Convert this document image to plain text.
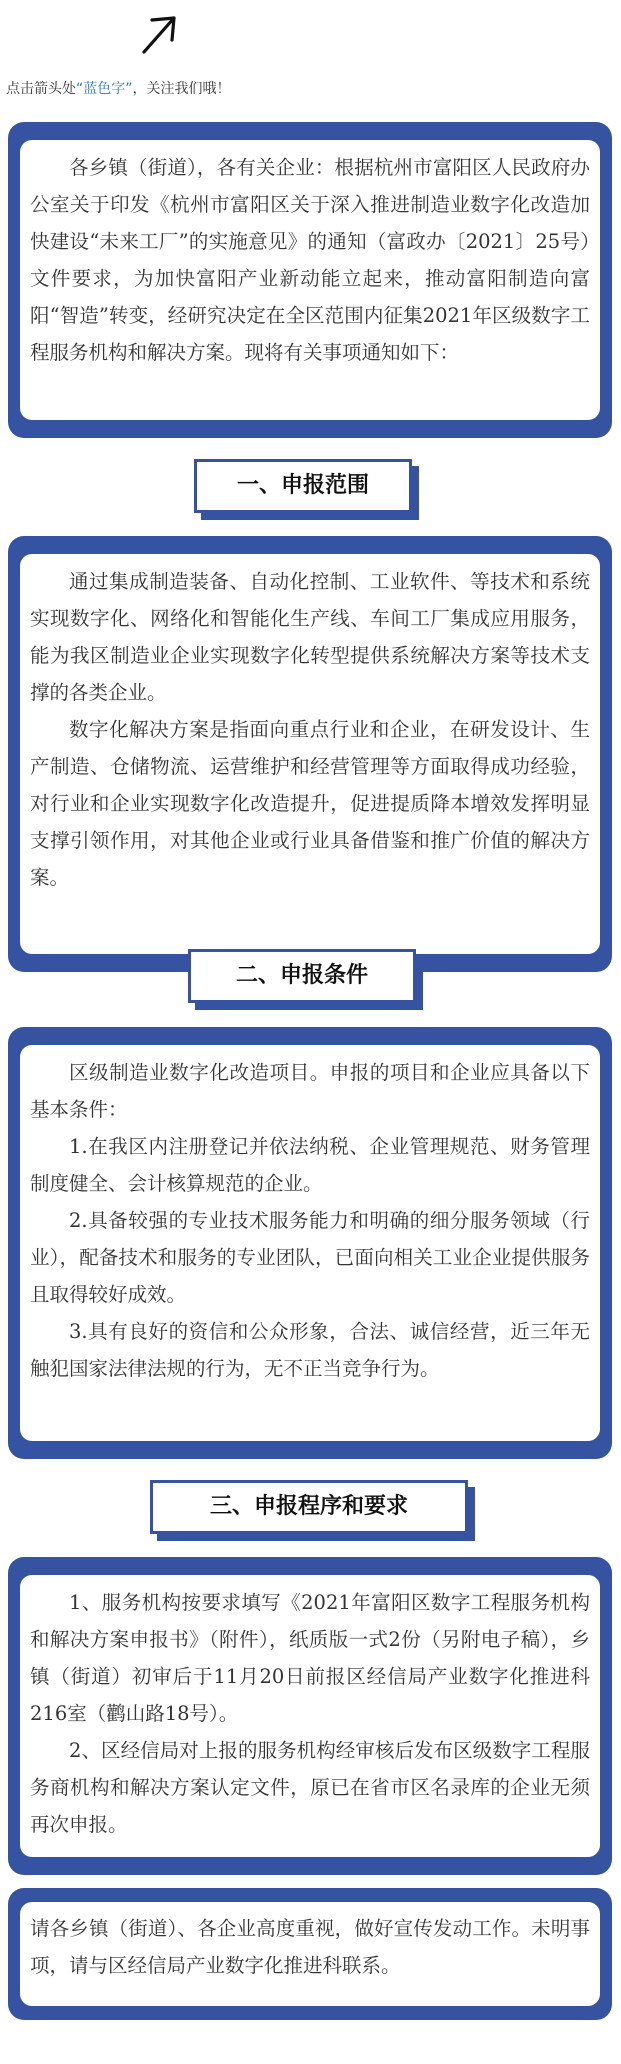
点击箭头处“蓝色字”，关注我们哦！

各乡镇（街道），各有关企业：根据杭州市富阳区人民政府办公室关于印发《杭州市富阳区关于深入推进制造业数字化改造加快建设“未来工厂”的实施意见》的通知（富政办〔2021〕25号）文件要求，为加快富阳产业新动能立起来，推动富阳制造向富阳“智造”转变，经研究决定在全区范围内征集2021年区级数字工程服务机构和解决方案。现将有关事项通知如下：

一、申报范围

通过集成制造装备、自动化控制、工业软件、等技术和系统实现数字化、网络化和智能化生产线、车间工厂集成应用服务，能为我区制造业企业实现数字化转型提供系统解决方案等技术支撑的各类企业。

数字化解决方案是指面向重点行业和企业，在研发设计、生产制造、仓储物流、运营维护和经营管理等方面取得成功经验，对行业和企业实现数字化改造提升，促进提质降本增效发挥明显支撑引领作用，对其他企业或行业具备借鉴和推广价值的解决方案。

二、申报条件

区级制造业数字化改造项目。申报的项目和企业应具备以下基本条件：

1.在我区内注册登记并依法纳税、企业管理规范、财务管理制度健全、会计核算规范的企业。

2.具备较强的专业技术服务能力和明确的细分服务领域（行业），配备技术和服务的专业团队，已面向相关工业企业提供服务且取得较好成效。

3.具有良好的资信和公众形象，合法、诚信经营，近三年无触犯国家法律法规的行为，无不正当竞争行为。

三、申报程序和要求

1、服务机构按要求填写《2021年富阳区数字工程服务机构和解决方案申报书》（附件），纸质版一式2份（另附电子稿），乡镇（街道）初审后于11月20日前报区经信局产业数字化推进科216室（鹳山路18号）。

2、区经信局对上报的服务机构经审核后发布区级数字工程服务商机构和解决方案认定文件，原已在省市区名录库的企业无须再次申报。

请各乡镇（街道）、各企业高度重视，做好宣传发动工作。未明事项，请与区经信局产业数字化推进科联系。
